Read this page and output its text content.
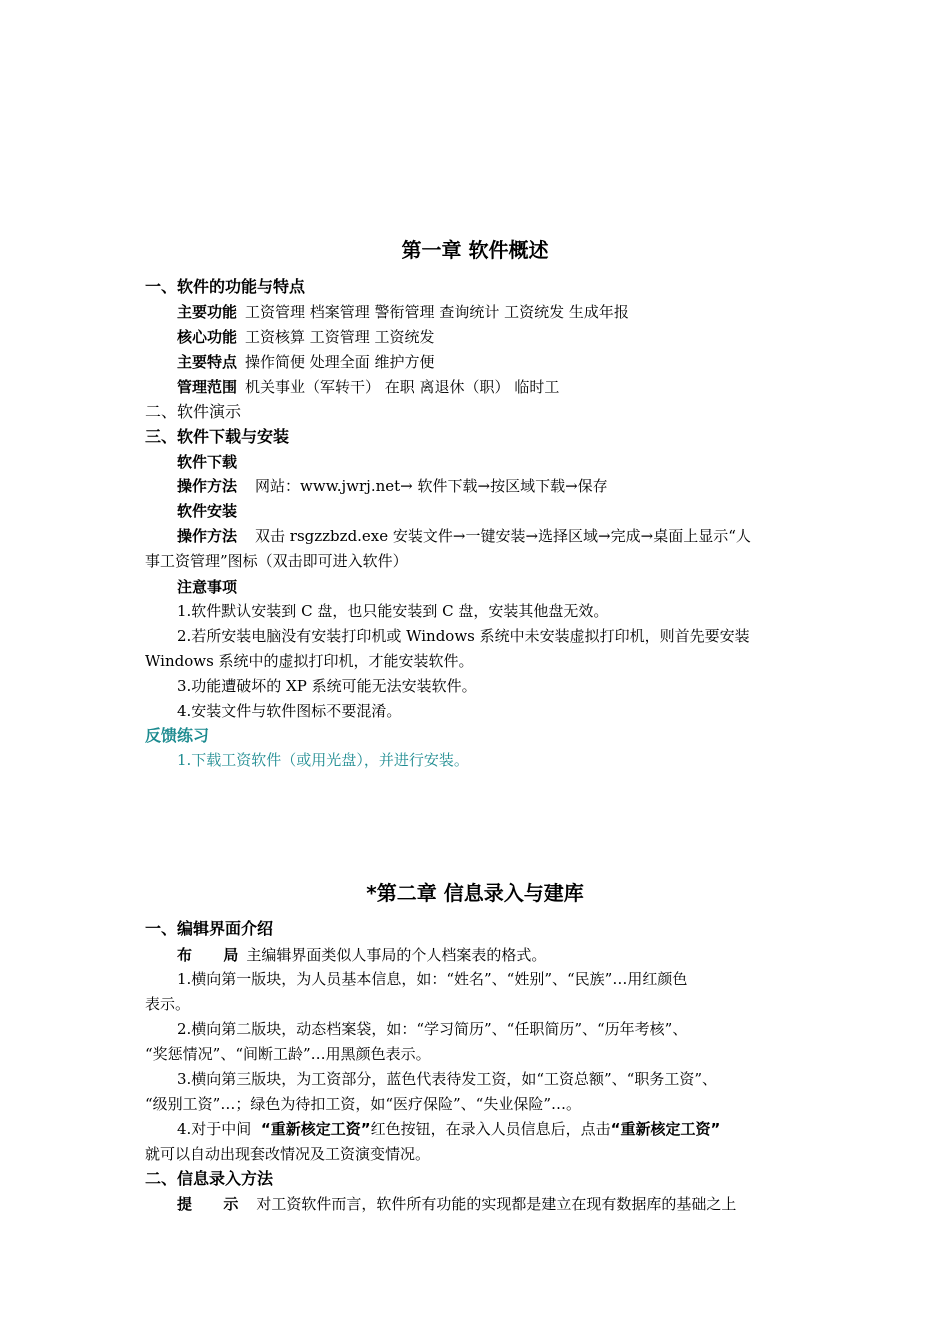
第一章 软件概述
一、软件的功能与特点
主要功能 工资管理 档案管理 警衔管理 查询统计 工资统发 生成年报
核心功能 工资核算 工资管理 工资统发
主要特点 操作简便 处理全面 维护方便
管理范围 机关事业（军转干） 在职 离退休（职） 临时工
二、软件演示
三、软件下载与安装
软件下载
操作方法 网站：www.jwrj.net→ 软件下载→按区域下载→保存
软件安装
操作方法 双击 rsgzzbzd.exe 安装文件→一键安装→选择区域→完成→桌面上显示“人
事工资管理”图标（双击即可进入软件）
注意事项
1.软件默认安装到 C 盘，也只能安装到 C 盘，安装其他盘无效。
2.若所安装电脑没有安装打印机或 Windows 系统中未安装虚拟打印机，则首先要安装
Windows 系统中的虚拟打印机，才能安装软件。
3.功能遭破坏的 XP 系统可能无法安装软件。
4.安装文件与软件图标不要混淆。
反馈练习
1.下载工资软件（或用光盘），并进行安装。
*第二章 信息录入与建库
一、编辑界面介绍
布      局 主编辑界面类似人事局的个人档案表的格式。
1.横向第一版块，为人员基本信息，如：“姓名”、“姓别”、“民族”…用红颜色
表示。
2.横向第二版块，动态档案袋，如：“学习简历”、“任职简历”、“历年考核”、
“奖惩情况”、“间断工龄”…用黑颜色表示。
3.横向第三版块，为工资部分，蓝色代表待发工资，如“工资总额”、“职务工资”、
“级别工资”…；绿色为待扣工资，如“医疗保险”、“失业保险”…。
4.对于中间  “重新核定工资”红色按钮，在录入人员信息后，点击“重新核定工资”
就可以自动出现套改情况及工资演变情况。
二、信息录入方法
提      示 对工资软件而言，软件所有功能的实现都是建立在现有数据库的基础之上
